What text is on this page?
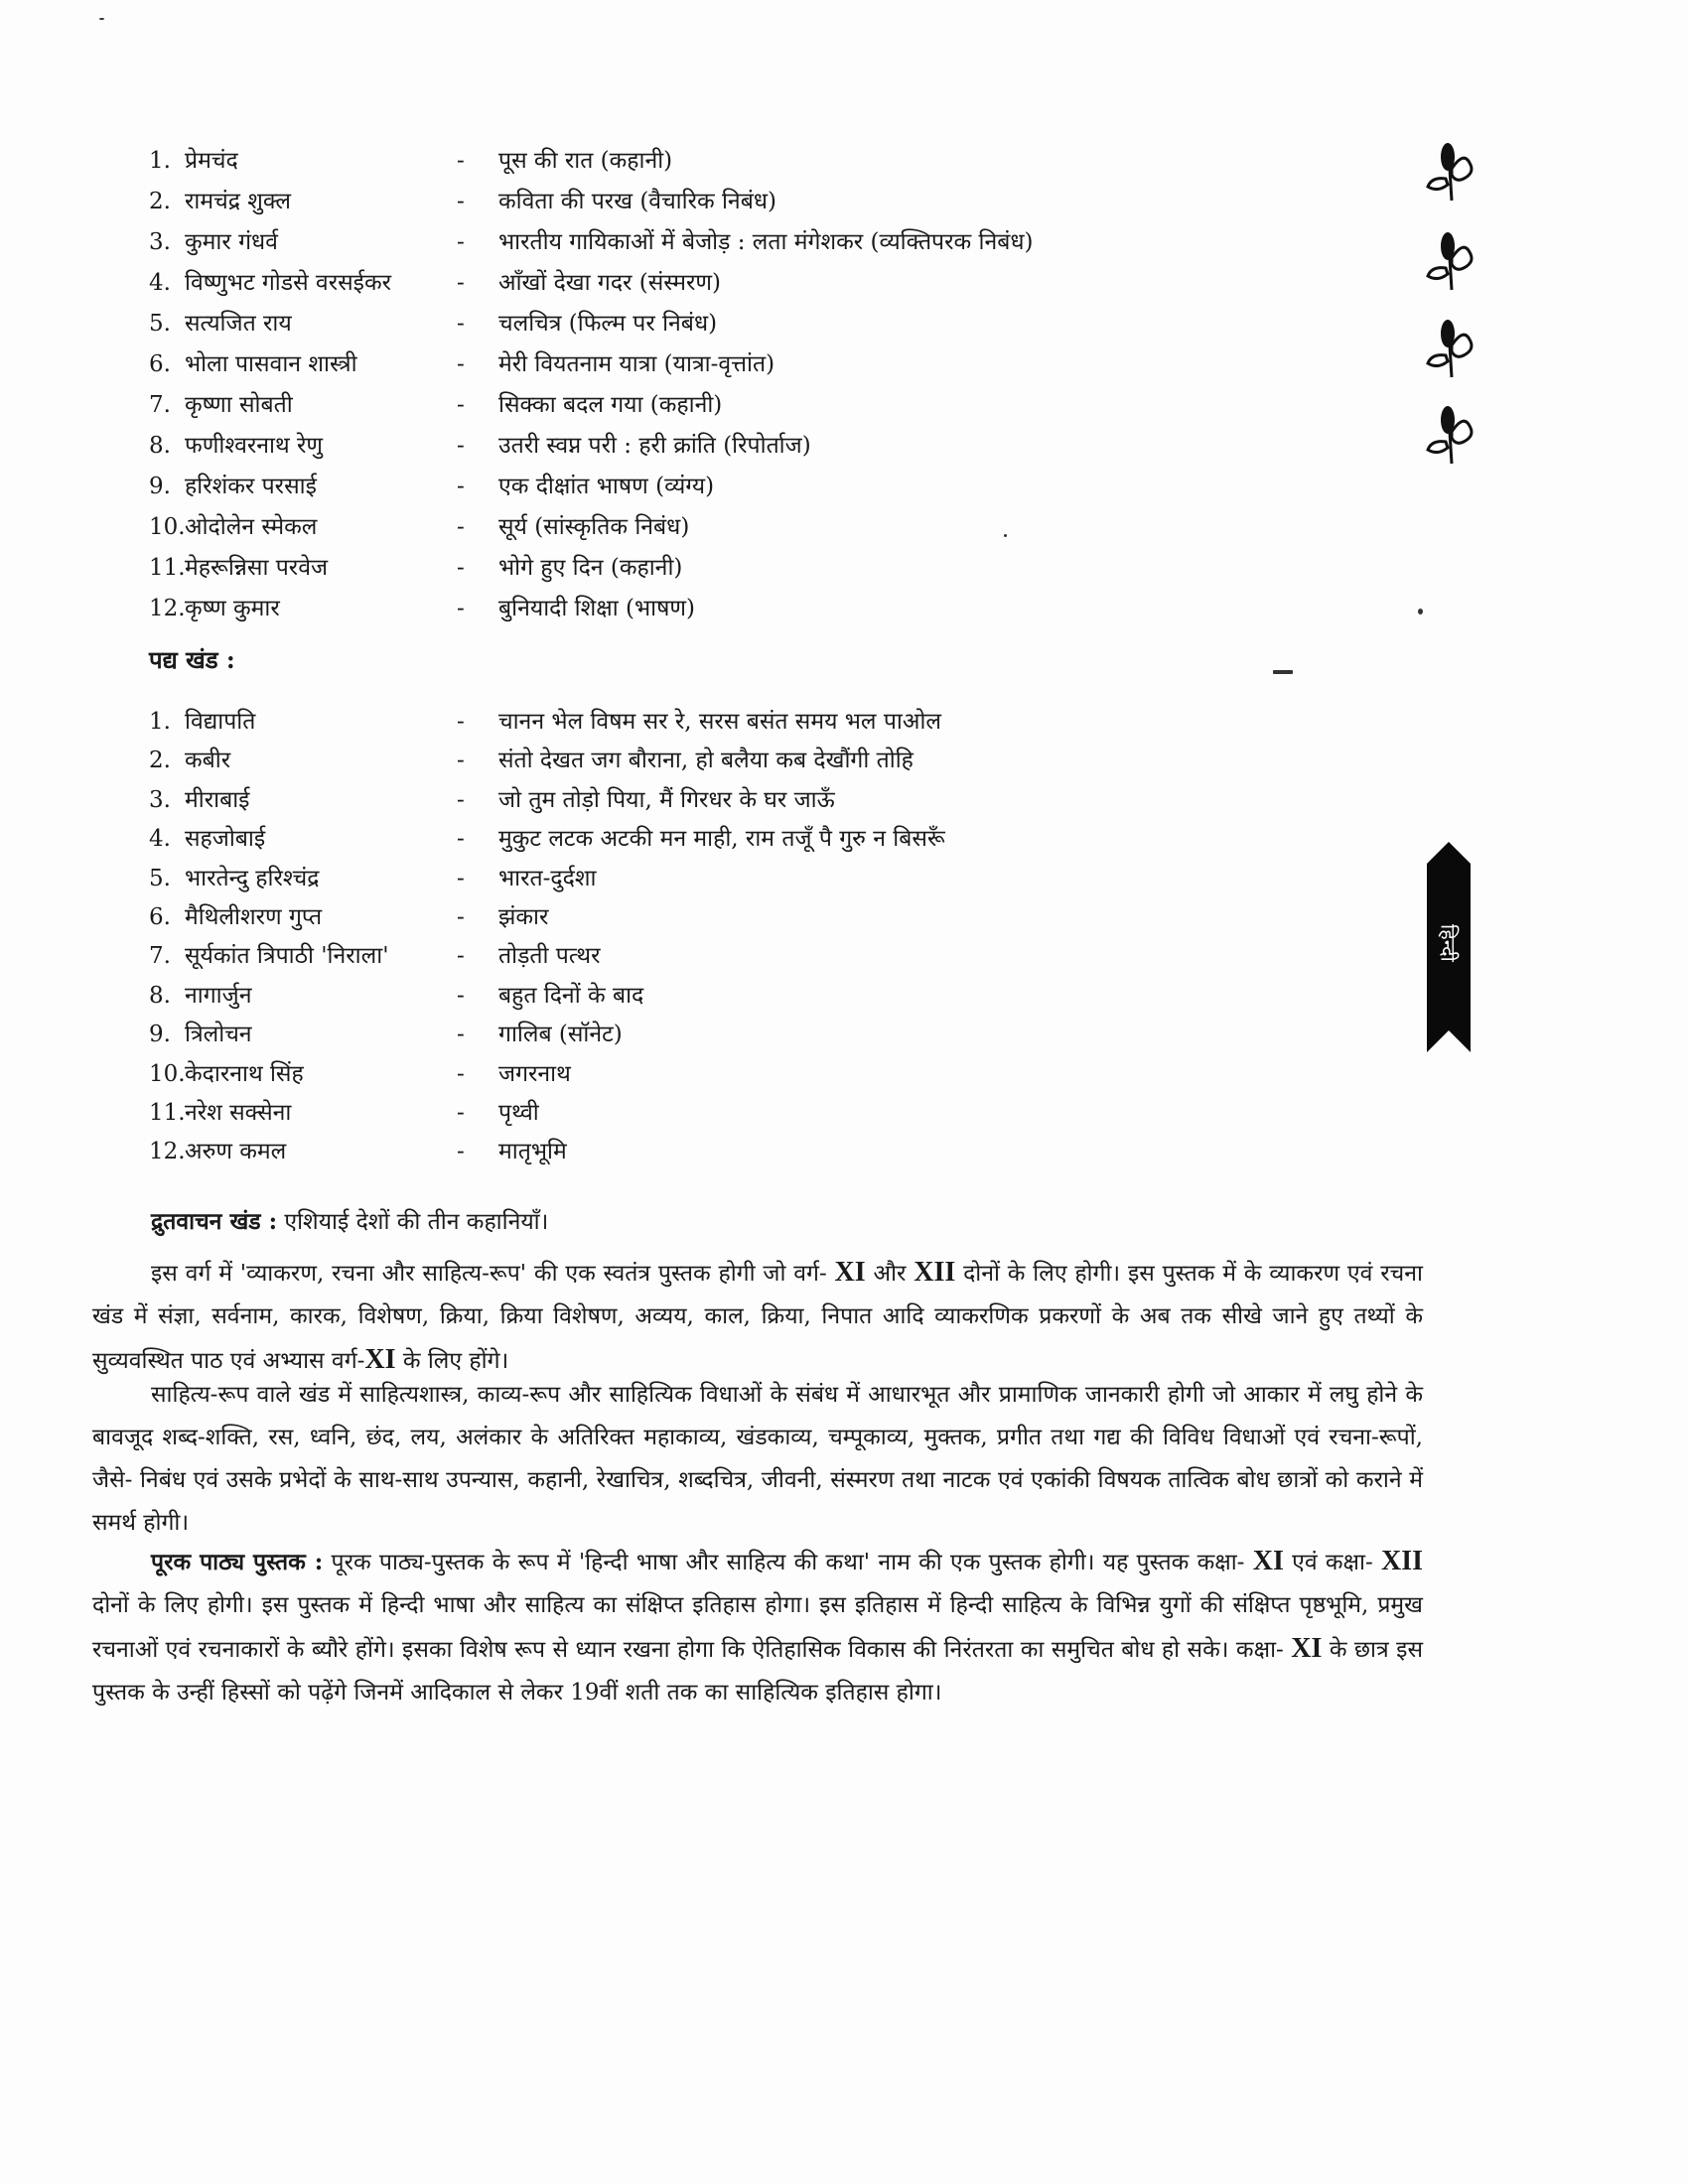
1. प्रेमचंद	- पूस की रात (कहानी)
2. रामचंद्र शुक्ल	- कविता की परख (वैचारिक निबंध)
3. कुमार गंधर्व	- भारतीय गायिकाओं में बेजोड़ : लता मंगेशकर (व्यक्तिपरक निबंध)
4. विष्णुभट गोडसे वरसईकर	- आँखों देखा गदर (संस्मरण)
5. सत्यजित राय	- चलचित्र (फिल्म पर निबंध)
6. भोला पासवान शास्त्री	- मेरी वियतनाम यात्रा (यात्रा-वृत्तांत)
7. कृष्णा सोबती	- सिक्का बदल गया (कहानी)
8. फणीश्वरनाथ रेणु	- उतरी स्वप्न परी : हरी क्रांति (रिपोर्ताज)
9. हरिशंकर परसाई	- एक दीक्षांत भाषण (व्यंग्य)
10. ओदोलेन स्मेकल	- सूर्य (सांस्कृतिक निबंध)
11. मेहरून्निसा परवेज	- भोगे हुए दिन (कहानी)
12. कृष्ण कुमार	- बुनियादी शिक्षा (भाषण)
पद्य खंड :
1. विद्यापति	- चानन भेल विषम सर रे, सरस बसंत समय भल पाओल
2. कबीर	- संतो देखत जग बौराना, हो बलैया कब देखौंगी तोहि
3. मीराबाई	- जो तुम तोड़ो पिया, मैं गिरधर के घर जाऊँ
4. सहजोबाई	- मुकुट लटक अटकी मन माही, राम तजूँ पै गुरु न बिसरूँ
5. भारतेन्दु हरिश्चंद्र	- भारत-दुर्दशा
6. मैथिलीशरण गुप्त	- झंकार
7. सूर्यकांत त्रिपाठी 'निराला'	- तोड़ती पत्थर
8. नागार्जुन	- बहुत दिनों के बाद
9. त्रिलोचन	- गालिब (सॉनेट)
10. केदारनाथ सिंह	- जगरनाथ
11. नरेश सक्सेना	- पृथ्वी
12. अरुण कमल	- मातृभूमि
द्रुतवाचन खंड : एशियाई देशों की तीन कहानियाँ।
इस वर्ग में 'व्याकरण, रचना और साहित्य-रूप' की एक स्वतंत्र पुस्तक होगी जो वर्ग- XI और XII दोनों के लिए होगी। इस पुस्तक में के व्याकरण एवं रचना खंड में संज्ञा, सर्वनाम, कारक, विशेषण, क्रिया, क्रिया विशेषण, अव्यय, काल, क्रिया, निपात आदि व्याकरणिक प्रकरणों के अब तक सीखे जाने हुए तथ्यों के सुव्यवस्थित पाठ एवं अभ्यास वर्ग-XI के लिए होंगे।
साहित्य-रूप वाले खंड में साहित्यशास्त्र, काव्य-रूप और साहित्यिक विधाओं के संबंध में आधारभूत और प्रामाणिक जानकारी होगी जो आकार में लघु होने के बावजूद शब्द-शक्ति, रस, ध्वनि, छंद, लय, अलंकार के अतिरिक्त महाकाव्य, खंडकाव्य, चम्पूकाव्य, मुक्तक, प्रगीत तथा गद्य की विविध विधाओं एवं रचना-रूपों, जैसे- निबंध एवं उसके प्रभेदों के साथ-साथ उपन्यास, कहानी, रेखाचित्र, शब्दचित्र, जीवनी, संस्मरण तथा नाटक एवं एकांकी विषयक तात्विक बोध छात्रों को कराने में समर्थ होगी।
पूरक पाठ्य पुस्तक : पूरक पाठ्य-पुस्तक के रूप में 'हिन्दी भाषा और साहित्य की कथा' नाम की एक पुस्तक होगी। यह पुस्तक कक्षा- XI एवं कक्षा- XII दोनों के लिए होगी। इस पुस्तक में हिन्दी भाषा और साहित्य का संक्षिप्त इतिहास होगा। इस इतिहास में हिन्दी साहित्य के विभिन्न युगों की संक्षिप्त पृष्ठभूमि, प्रमुख रचनाओं एवं रचनाकारों के ब्यौरे होंगे। इसका विशेष रूप से ध्यान रखना होगा कि ऐतिहासिक विकास की निरंतरता का समुचित बोध हो सके। कक्षा- XI के छात्र इस पुस्तक के उन्हीं हिस्सों को पढ़ेंगे जिनमें आदिकाल से लेकर 19वीं शती तक का साहित्यिक इतिहास होगा।
हिन्दी
